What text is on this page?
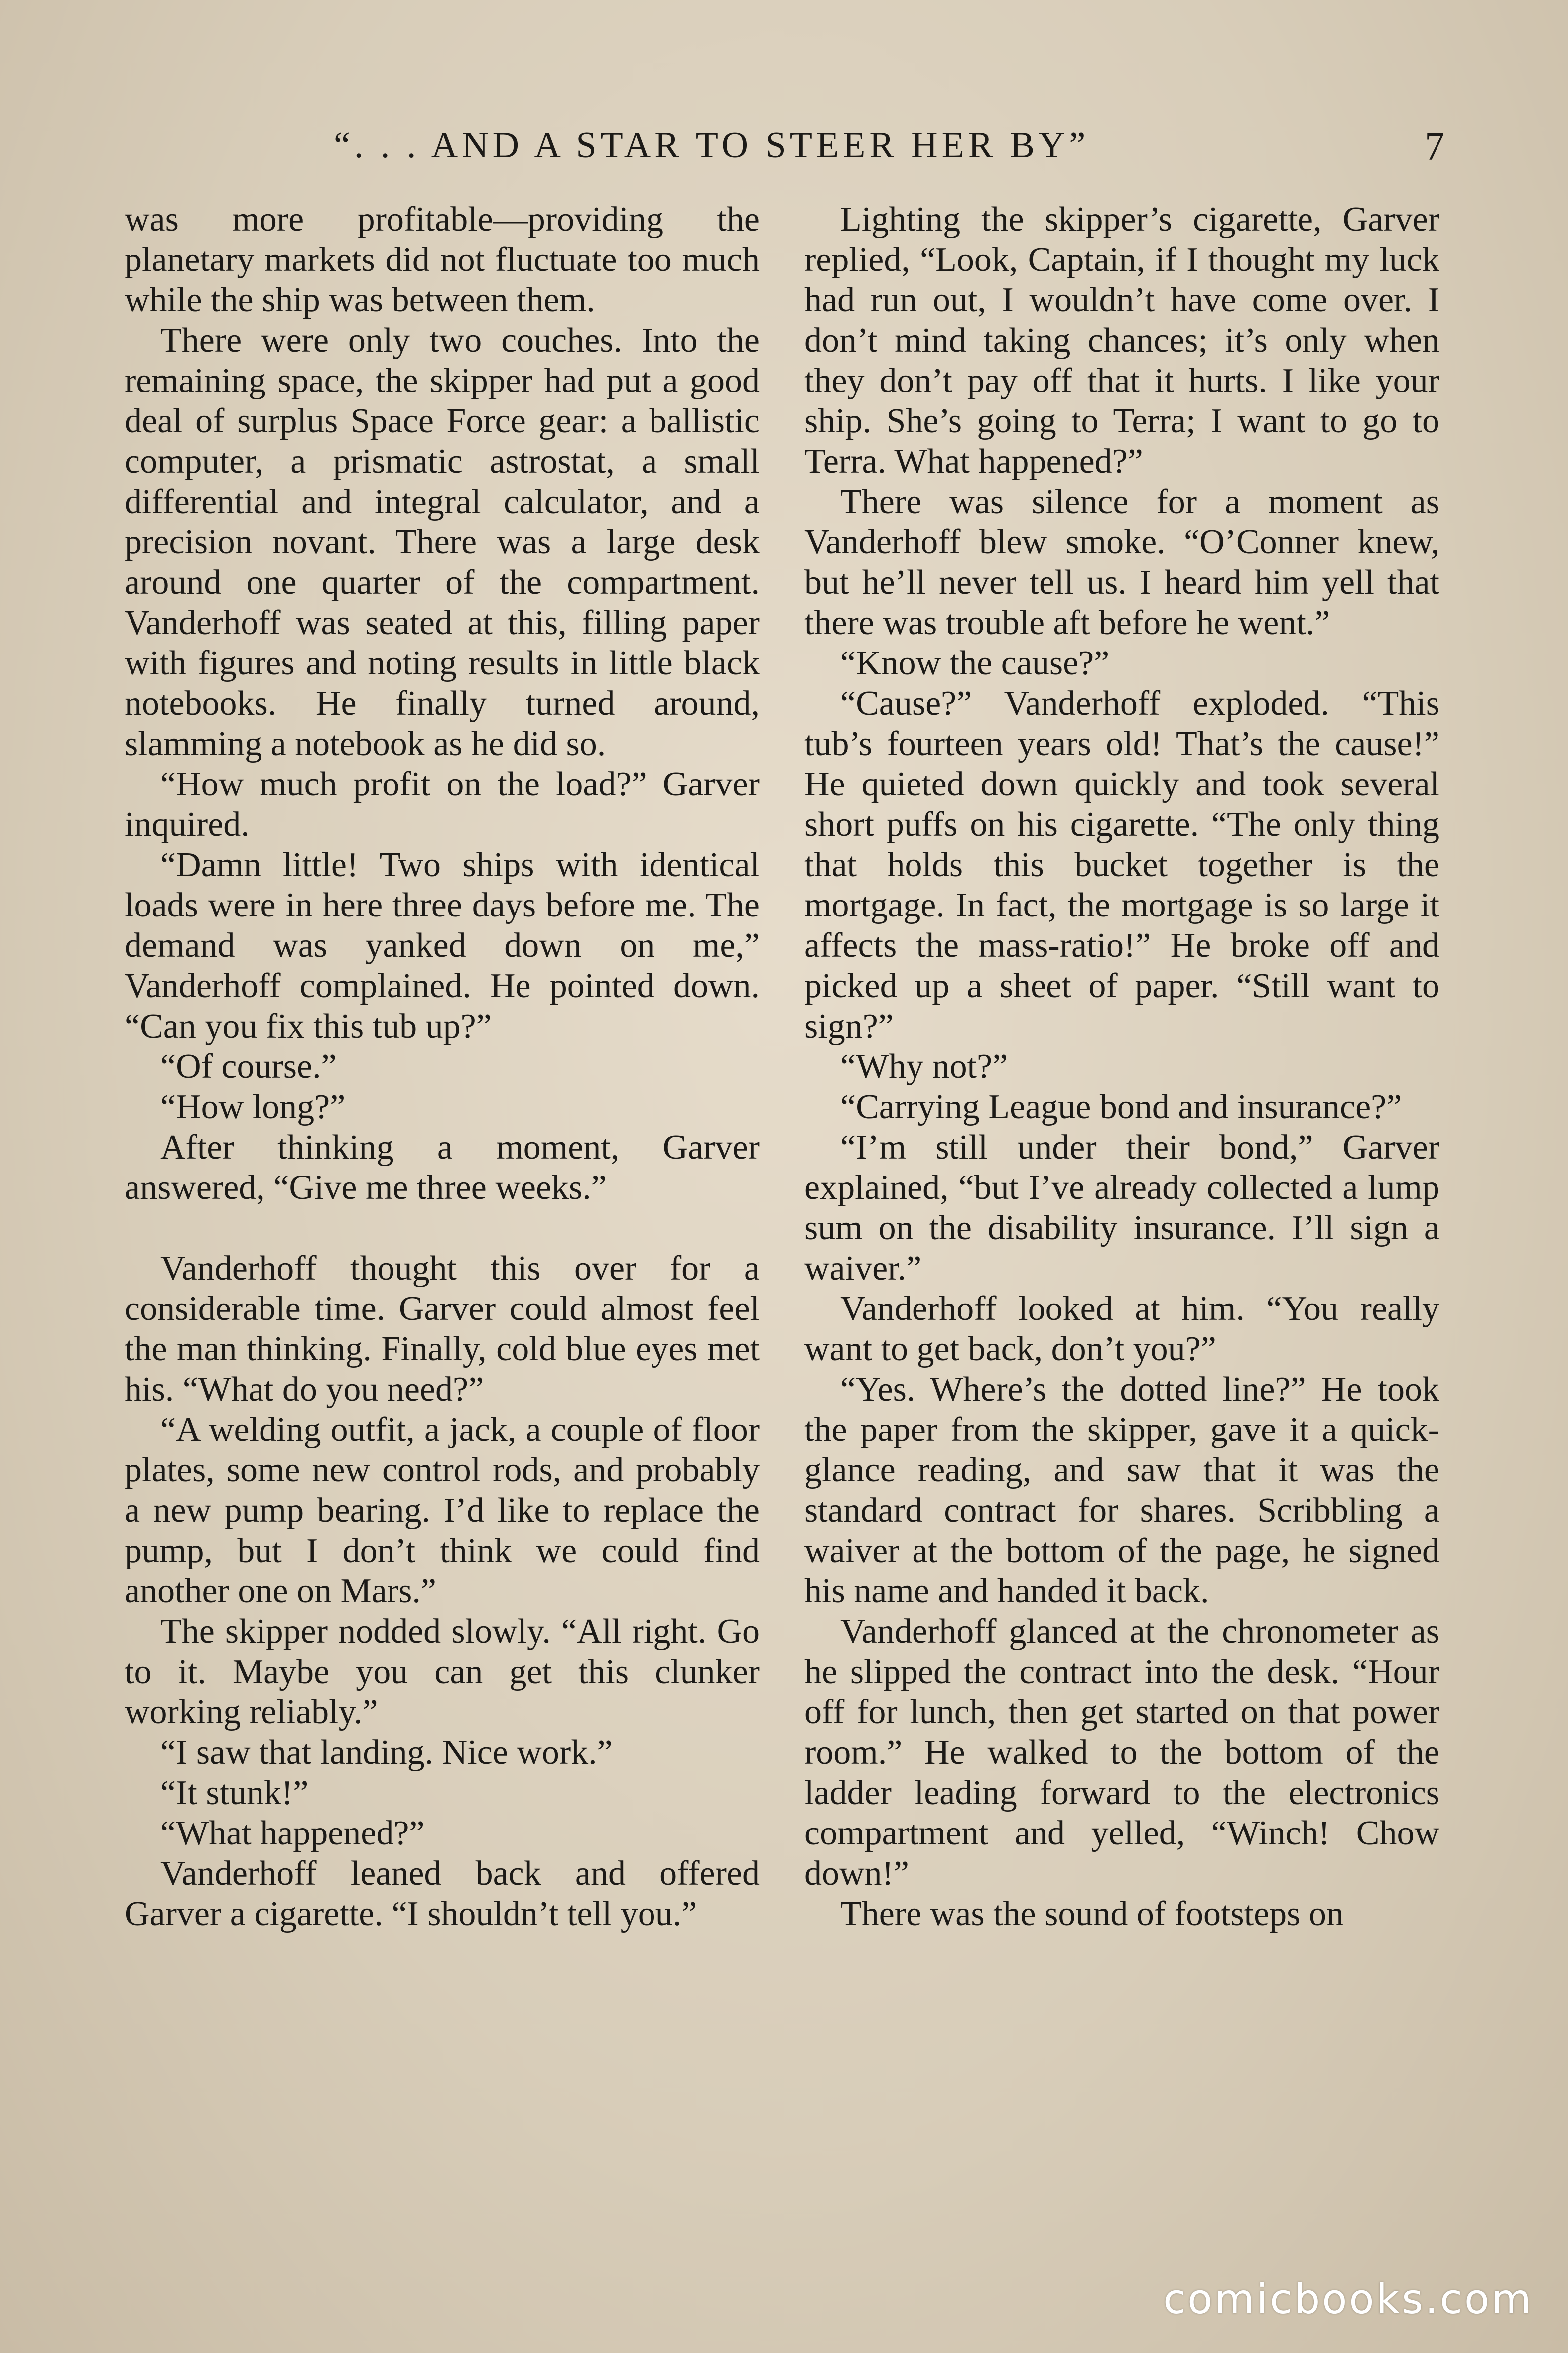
“. . . AND A STAR TO STEER HER BY”	7

was more profitable—providing the planetary markets did not fluctuate too much while the ship was between them.

There were only two couches. Into the remaining space, the skipper had put a good deal of surplus Space Force gear: a ballistic computer, a prismatic astrostat, a small differential and integral calculator, and a precision novant. There was a large desk around one quarter of the compartment. Vanderhoff was seated at this, filling paper with figures and noting results in little black notebooks. He finally turned around, slamming a notebook as he did so.

“How much profit on the load?” Garver inquired.

“Damn little! Two ships with identical loads were in here three days before me. The demand was yanked down on me,” Vanderhoff complained. He pointed down. “Can you fix this tub up?”

“Of course.”

“How long?”

After thinking a moment, Garver answered, “Give me three weeks.”

Vanderhoff thought this over for a considerable time. Garver could almost feel the man thinking. Finally, cold blue eyes met his. “What do you need?”

“A welding outfit, a jack, a couple of floor plates, some new control rods, and probably a new pump bearing. I’d like to replace the pump, but I don’t think we could find another one on Mars.”

The skipper nodded slowly. “All right. Go to it. Maybe you can get this clunker working reliably.”

“I saw that landing. Nice work.”

“It stunk!”

“What happened?”

Vanderhoff leaned back and offered Garver a cigarette. “I shouldn’t tell you.”

Lighting the skipper’s cigarette, Garver replied, “Look, Captain, if I thought my luck had run out, I wouldn’t have come over. I don’t mind taking chances; it’s only when they don’t pay off that it hurts. I like your ship. She’s going to Terra; I want to go to Terra. What happened?”

There was silence for a moment as Vanderhoff blew smoke. “O’Conner knew, but he’ll never tell us. I heard him yell that there was trouble aft before he went.”

“Know the cause?”

“Cause?” Vanderhoff exploded. “This tub’s fourteen years old! That’s the cause!” He quieted down quickly and took several short puffs on his cigarette. “The only thing that holds this bucket together is the mortgage. In fact, the mortgage is so large it affects the mass-ratio!” He broke off and picked up a sheet of paper. “Still want to sign?”

“Why not?”

“Carrying League bond and insurance?”

“I’m still under their bond,” Garver explained, “but I’ve already collected a lump sum on the disability insurance. I’ll sign a waiver.”

Vanderhoff looked at him. “You really want to get back, don’t you?”

“Yes. Where’s the dotted line?” He took the paper from the skipper, gave it a quick-glance reading, and saw that it was the standard contract for shares. Scribbling a waiver at the bottom of the page, he signed his name and handed it back.

Vanderhoff glanced at the chronometer as he slipped the contract into the desk. “Hour off for lunch, then get started on that power room.” He walked to the bottom of the ladder leading forward to the electronics compartment and yelled, “Winch! Chow down!”

There was the sound of footsteps on

comicbooks.com
